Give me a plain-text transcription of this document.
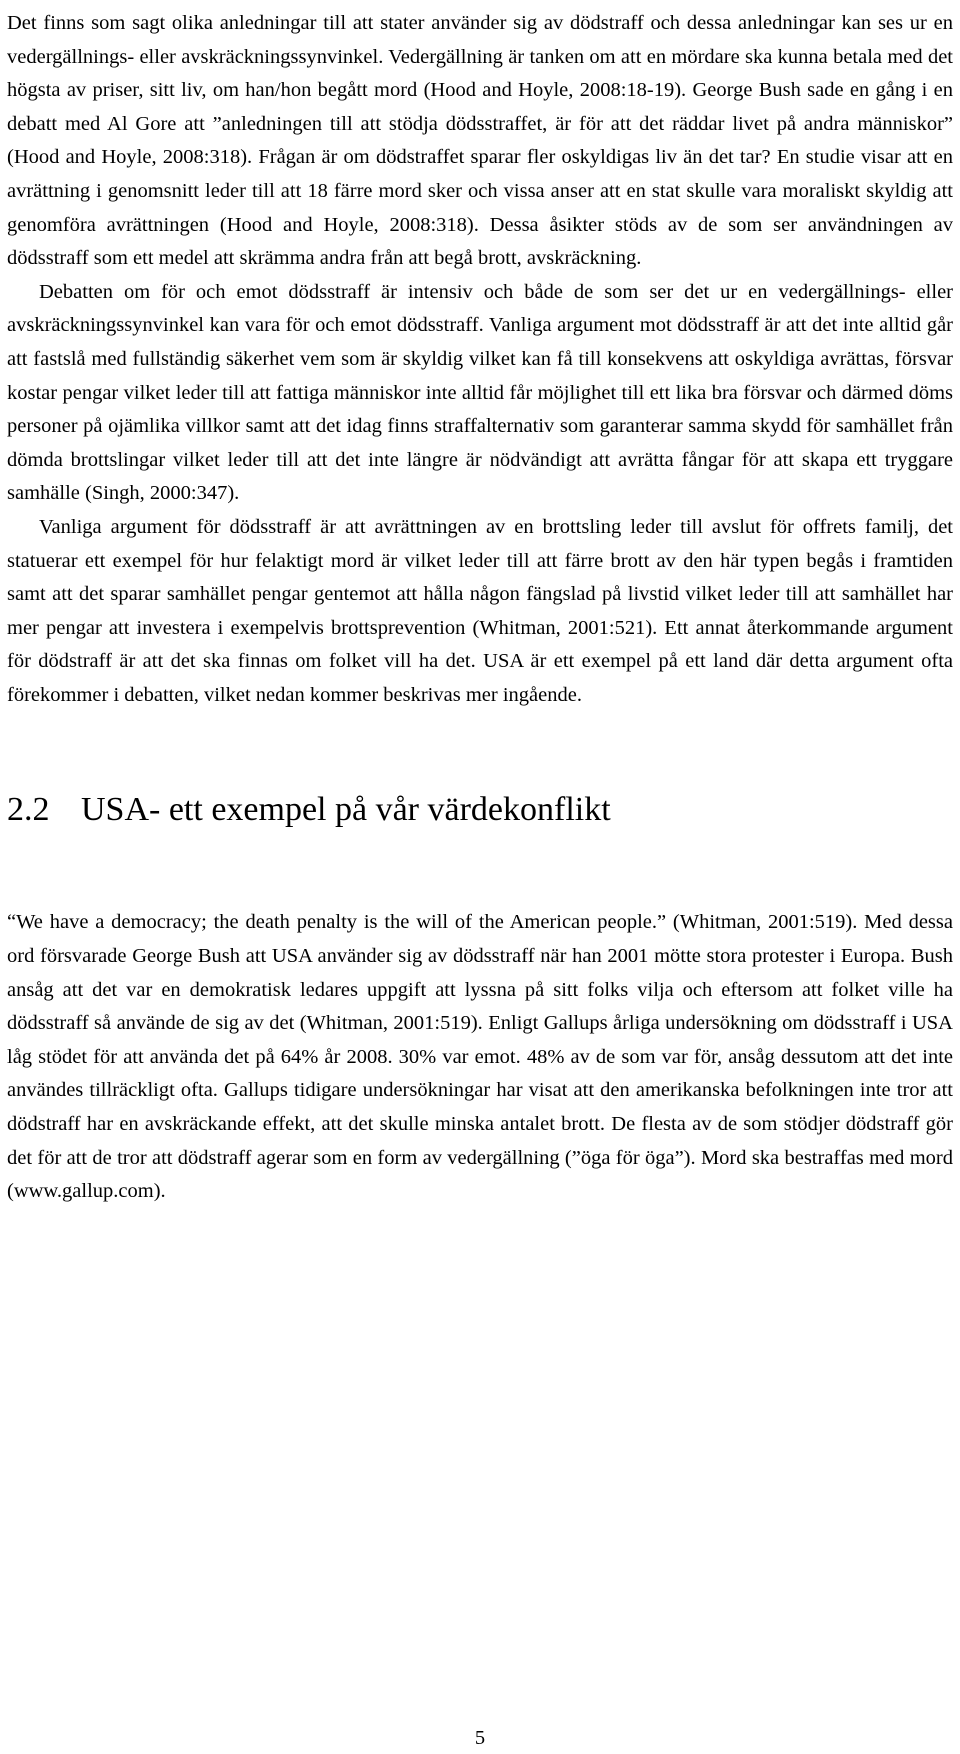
Det finns som sagt olika anledningar till att stater använder sig av dödstraff och dessa anledningar kan ses ur en vedergällnings- eller avskräckningssynvinkel. Vedergällning är tanken om att en mördare ska kunna betala med det högsta av priser, sitt liv, om han/hon begått mord (Hood and Hoyle, 2008:18-19). George Bush sade en gång i en debatt med Al Gore att ”anledningen till att stödja dödsstraffet, är för att det räddar livet på andra människor” (Hood and Hoyle, 2008:318). Frågan är om dödstraffet sparar fler oskyldigas liv än det tar? En studie visar att en avrättning i genomsnitt leder till att 18 färre mord sker och vissa anser att en stat skulle vara moraliskt skyldig att genomföra avrättningen (Hood and Hoyle, 2008:318). Dessa åsikter stöds av de som ser användningen av dödsstraff som ett medel att skrämma andra från att begå brott, avskräckning.

Debatten om för och emot dödsstraff är intensiv och både de som ser det ur en vedergällnings- eller avskräckningssynvinkel kan vara för och emot dödsstraff. Vanliga argument mot dödsstraff är att det inte alltid går att fastslå med fullständig säkerhet vem som är skyldig vilket kan få till konsekvens att oskyldiga avrättas, försvar kostar pengar vilket leder till att fattiga människor inte alltid får möjlighet till ett lika bra försvar och därmed döms personer på ojämlika villkor samt att det idag finns straffalternativ som garanterar samma skydd för samhället från dömda brottslingar vilket leder till att det inte längre är nödvändigt att avrätta fångar för att skapa ett tryggare samhälle (Singh, 2000:347).

Vanliga argument för dödsstraff är att avrättningen av en brottsling leder till avslut för offrets familj, det statuerar ett exempel för hur felaktigt mord är vilket leder till att färre brott av den här typen begås i framtiden samt att det sparar samhället pengar gentemot att hålla någon fängslad på livstid vilket leder till att samhället har mer pengar att investera i exempelvis brottsprevention (Whitman, 2001:521). Ett annat återkommande argument för dödstraff är att det ska finnas om folket vill ha det. USA är ett exempel på ett land där detta argument ofta förekommer i debatten, vilket nedan kommer beskrivas mer ingående.

2.2 USA- ett exempel på vår värdekonflikt

“We have a democracy; the death penalty is the will of the American people.” (Whitman, 2001:519). Med dessa ord försvarade George Bush att USA använder sig av dödsstraff när han 2001 mötte stora protester i Europa. Bush ansåg att det var en demokratisk ledares uppgift att lyssna på sitt folks vilja och eftersom att folket ville ha dödsstraff så använde de sig av det (Whitman, 2001:519). Enligt Gallups årliga undersökning om dödsstraff i USA låg stödet för att använda det på 64% år 2008. 30% var emot. 48% av de som var för, ansåg dessutom att det inte användes tillräckligt ofta. Gallups tidigare undersökningar har visat att den amerikanska befolkningen inte tror att dödstraff har en avskräckande effekt, att det skulle minska antalet brott. De flesta av de som stödjer dödstraff gör det för att de tror att dödstraff agerar som en form av vedergällning (”öga för öga”). Mord ska bestraffas med mord (www.gallup.com).

5
